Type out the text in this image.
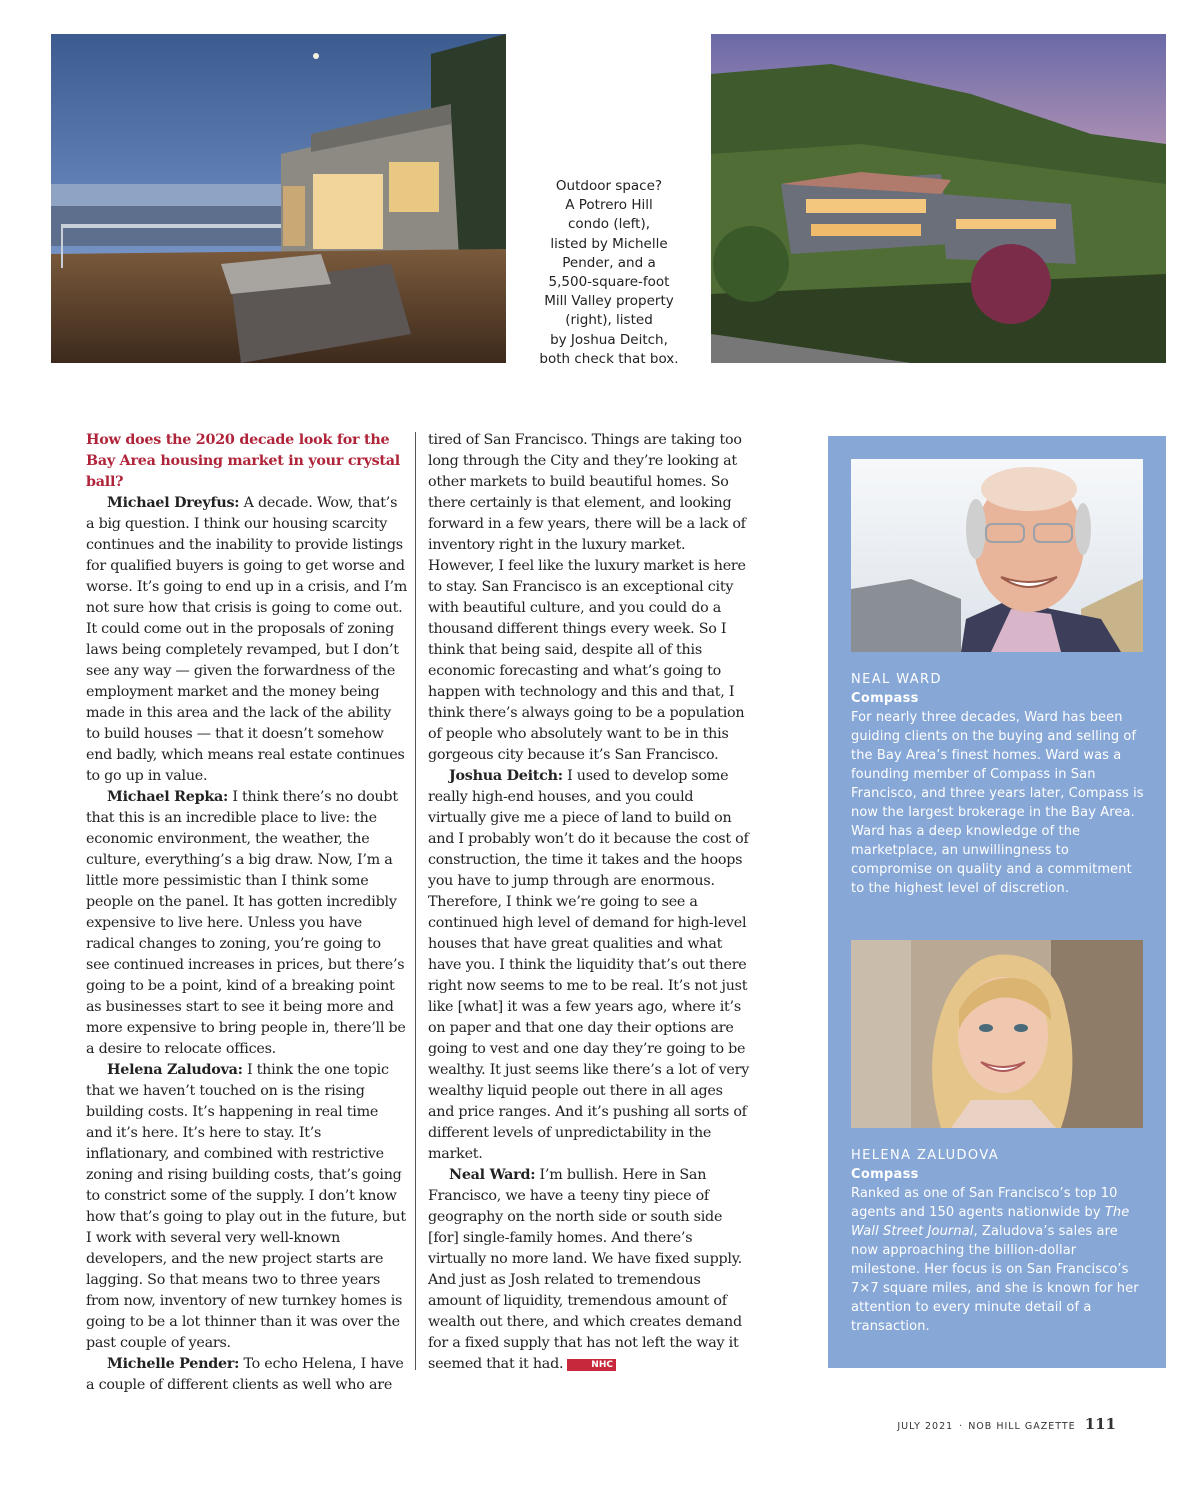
Outdoor space?
A Potrero Hill
condo (left),
listed by Michelle
Pender, and a
5,500-square-foot
Mill Valley property
(right), listed
by Joshua Deitch,
both check that box.

How does the 2020 decade look for the Bay Area housing market in your crystal ball?

Michael Dreyfus: A decade. Wow, that’s a big question. I think our housing scarcity continues and the inability to provide listings for qualified buyers is going to get worse and worse. It’s going to end up in a crisis, and I’m not sure how that crisis is going to come out. It could come out in the proposals of zoning laws being completely revamped, but I don’t see any way — given the forwardness of the employment market and the money being made in this area and the lack of the ability to build houses — that it doesn’t somehow end badly, which means real estate continues to go up in value.

Michael Repka: I think there’s no doubt that this is an incredible place to live: the economic environment, the weather, the culture, everything’s a big draw. Now, I’m a little more pessimistic than I think some people on the panel. It has gotten incredibly expensive to live here. Unless you have radical changes to zoning, you’re going to see continued increases in prices, but there’s going to be a point, kind of a breaking point as businesses start to see it being more and more expensive to bring people in, there’ll be a desire to relocate offices.

Helena Zaludova: I think the one topic that we haven’t touched on is the rising building costs. It’s happening in real time and it’s here. It’s here to stay. It’s inflationary, and combined with restrictive zoning and rising building costs, that’s going to constrict some of the supply. I don’t know how that’s going to play out in the future, but I work with several very well-known developers, and the new project starts are lagging. So that means two to three years from now, inventory of new turnkey homes is going to be a lot thinner than it was over the past couple of years.

Michelle Pender: To echo Helena, I have a couple of different clients as well who are

tired of San Francisco. Things are taking too long through the City and they’re looking at other markets to build beautiful homes. So there certainly is that element, and looking forward in a few years, there will be a lack of inventory right in the luxury market. However, I feel like the luxury market is here to stay. San Francisco is an exceptional city with beautiful culture, and you could do a thousand different things every week. So I think that being said, despite all of this economic forecasting and what’s going to happen with technology and this and that, I think there’s always going to be a population of people who absolutely want to be in this gorgeous city because it’s San Francisco.

Joshua Deitch: I used to develop some really high-end houses, and you could virtually give me a piece of land to build on and I probably won’t do it because the cost of construction, the time it takes and the hoops you have to jump through are enormous. Therefore, I think we’re going to see a continued high level of demand for high-level houses that have great qualities and what have you. I think the liquidity that’s out there right now seems to me to be real. It’s not just like [what] it was a few years ago, where it’s on paper and that one day their options are going to vest and one day they’re going to be wealthy. It just seems like there’s a lot of very wealthy liquid people out there in all ages and price ranges. And it’s pushing all sorts of different levels of unpredictability in the market.

Neal Ward: I’m bullish. Here in San Francisco, we have a teeny tiny piece of geography on the north side or south side [for] single-family homes. And there’s virtually no more land. We have fixed supply. And just as Josh related to tremendous amount of liquidity, tremendous amount of wealth out there, and which creates demand for a fixed supply that has not left the way it seemed that it had.	NHC

NEAL WARD
Compass
For nearly three decades, Ward has been guiding clients on the buying and selling of the Bay Area’s finest homes. Ward was a founding member of Compass in San Francisco, and three years later, Compass is now the largest brokerage in the Bay Area. Ward has a deep knowledge of the marketplace, an unwillingness to compromise on quality and a commitment to the highest level of discretion.
HELENA ZALUDOVA
Compass
Ranked as one of San Francisco’s top 10 agents and 150 agents nationwide by The Wall Street Journal, Zaludova’s sales are now approaching the billion-dollar milestone. Her focus is on San Francisco’s 7×7 square miles, and she is known for her attention to every minute detail of a transaction.
JULY 2021 · NOB HILL GAZETTE 111
